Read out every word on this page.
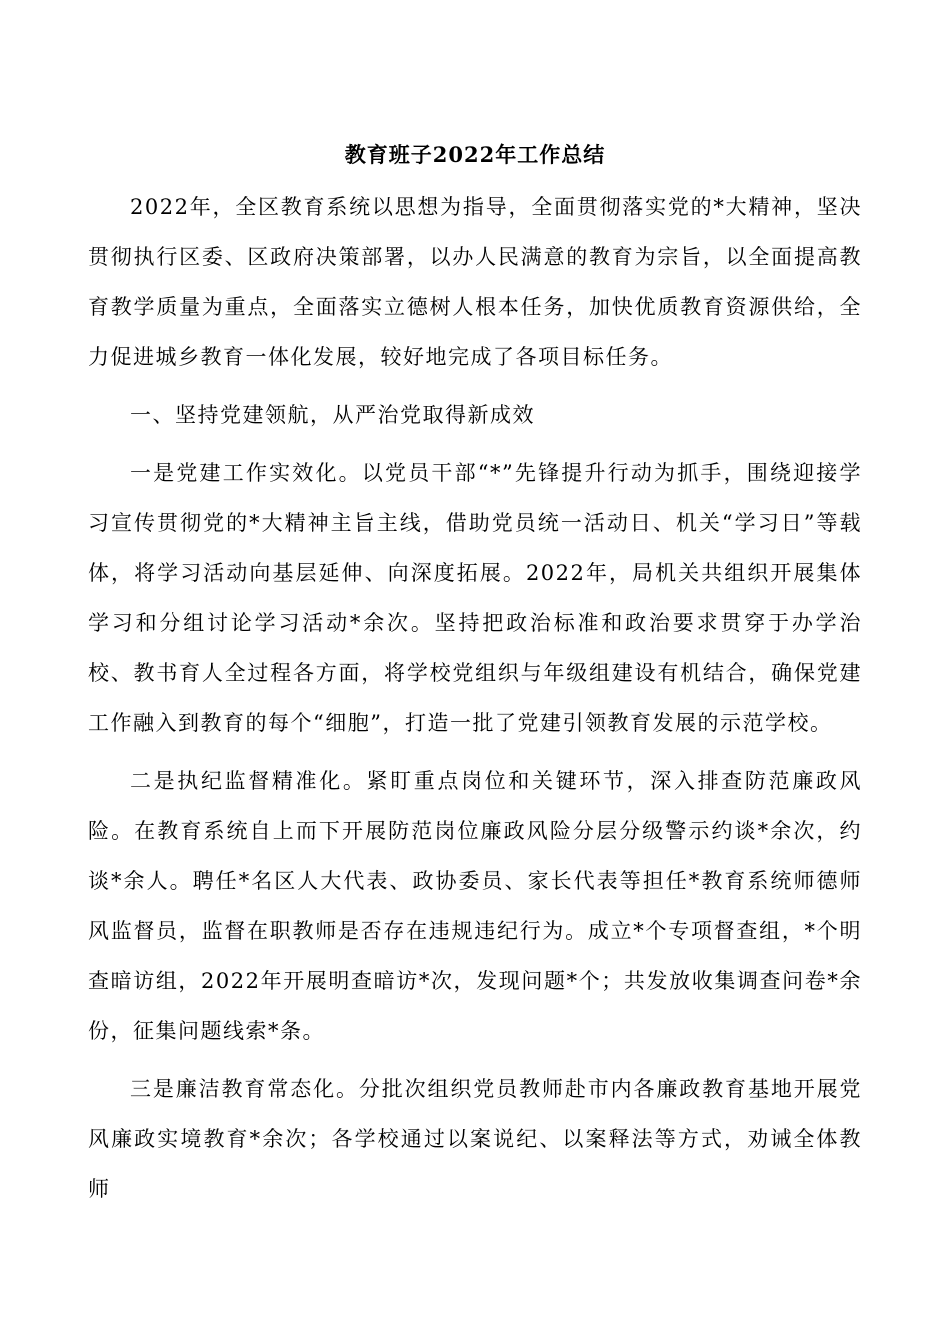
教育班子2022年工作总结

2022年，全区教育系统以思想为指导，全面贯彻落实党的*大精神，坚决贯彻执行区委、区政府决策部署，以办人民满意的教育为宗旨，以全面提高教育教学质量为重点，全面落实立德树人根本任务，加快优质教育资源供给，全力促进城乡教育一体化发展，较好地完成了各项目标任务。

一、坚持党建领航，从严治党取得新成效

一是党建工作实效化。以党员干部“*”先锋提升行动为抓手，围绕迎接学习宣传贯彻党的*大精神主旨主线，借助党员统一活动日、机关“学习日”等载体，将学习活动向基层延伸、向深度拓展。2022年，局机关共组织开展集体学习和分组讨论学习活动*余次。坚持把政治标准和政治要求贯穿于办学治校、教书育人全过程各方面，将学校党组织与年级组建设有机结合，确保党建工作融入到教育的每个“细胞”，打造一批了党建引领教育发展的示范学校。

二是执纪监督精准化。紧盯重点岗位和关键环节，深入排查防范廉政风险。在教育系统自上而下开展防范岗位廉政风险分层分级警示约谈*余次，约谈*余人。聘任*名区人大代表、政协委员、家长代表等担任*教育系统师德师风监督员，监督在职教师是否存在违规违纪行为。成立*个专项督查组，*个明查暗访组，2022年开展明查暗访*次，发现问题*个；共发放收集调查问卷*余份，征集问题线索*条。

三是廉洁教育常态化。分批次组织党员教师赴市内各廉政教育基地开展党风廉政实境教育*余次；各学校通过以案说纪、以案释法等方式，劝诫全体教师
